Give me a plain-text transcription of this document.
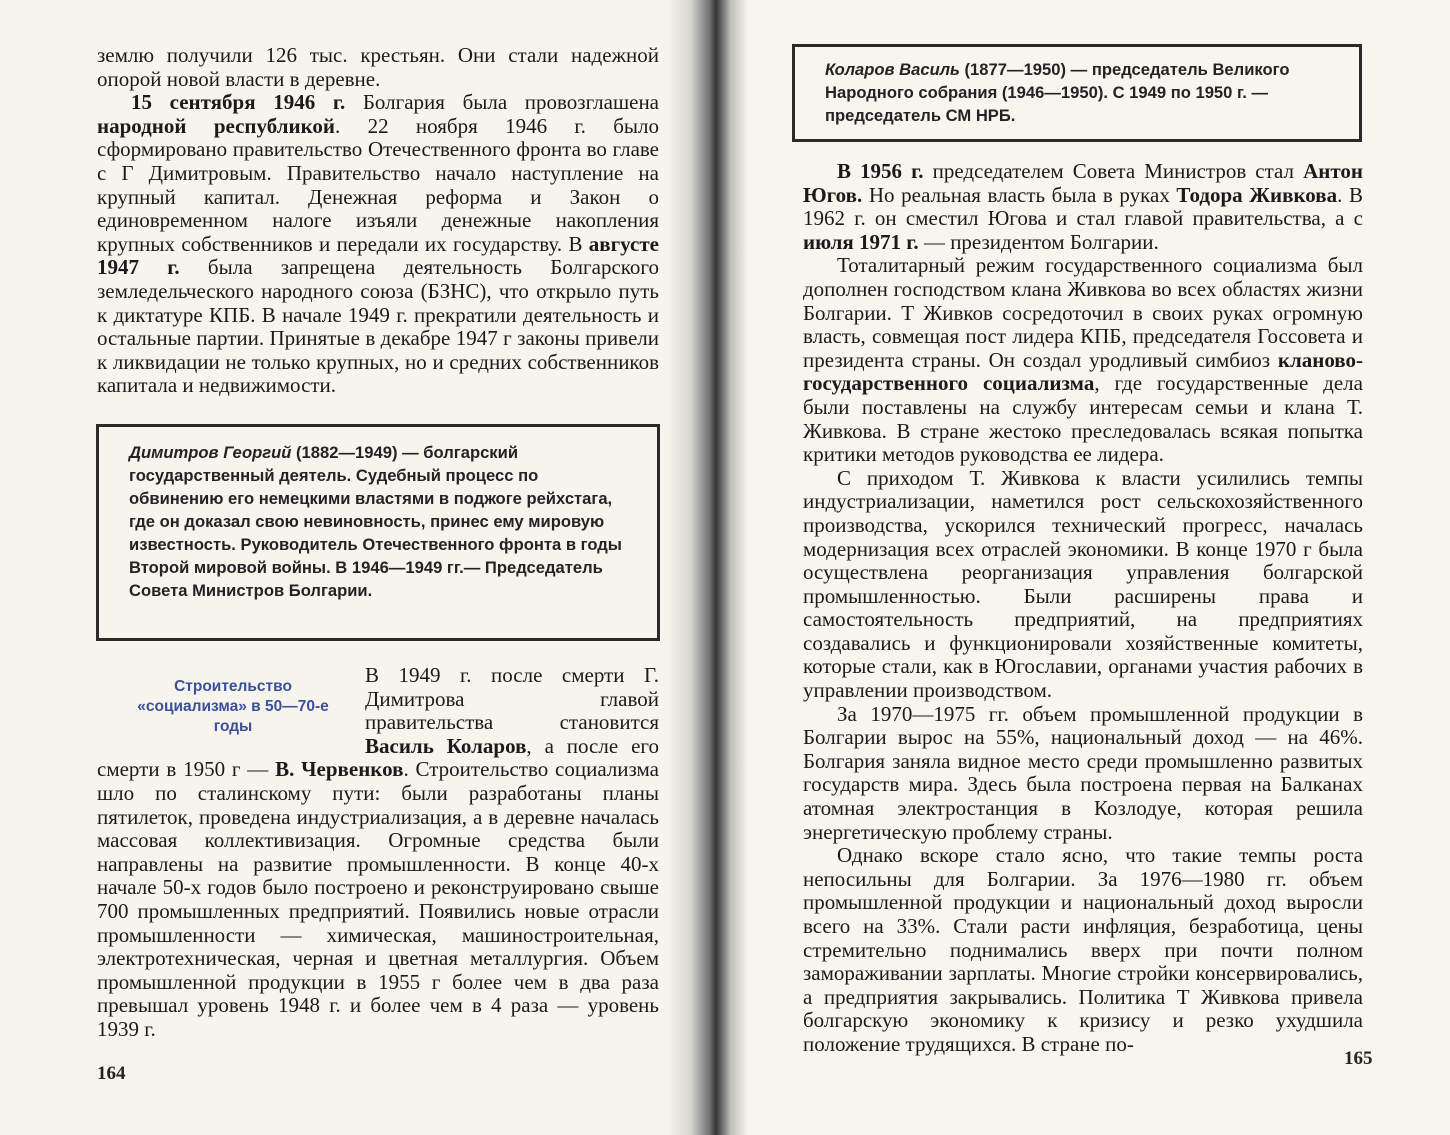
землю получили 126 тыс. крестьян. Они стали надежной опорой новой власти в деревне.

15 сентября 1946 г. Болгария была провозглашена народной республикой. 22 ноября 1946 г. было сформировано правительство Отечественного фронта во главе с Г Димитровым. Правительство начало наступление на крупный капитал. Денежная реформа и Закон о единовременном налоге изъяли денежные накопления крупных собственников и передали их государству. В августе 1947 г. была запрещена деятельность Болгарского земледельческого народного союза (БЗНС), что открыло путь к диктатуре КПБ. В начале 1949 г. прекратили деятельность и остальные партии. Принятые в декабре 1947 г законы привели к ликвидации не только крупных, но и средних собственников капитала и недвижимости.

Димитров Георгий (1882—1949) — болгарский государственный деятель. Судебный процесс по обвинению его немецкими властями в поджоге рейхстага, где он доказал свою невиновность, принес ему мировую известность. Руководитель Отечественного фронта в годы Второй мировой войны. В 1946—1949 гг.— Председатель Совета Министров Болгарии.
Строительство «социализма» в 50—70-е годы

В 1949 г. после смерти Г. Димитрова главой правительства становится Василь Коларов, а после его смерти в 1950 г — В. Червенков. Строительство социализма шло по сталинскому пути: были разработаны планы пятилеток, проведена индустриализация, а в деревне началась массовая коллективизация. Огромные средства были направлены на развитие промышленности. В конце 40-х начале 50-х годов было построено и реконструировано свыше 700 промышленных предприятий. Появились новые отрасли промышленности — химическая, машиностроительная, электротехническая, черная и цветная металлургия. Объем промышленной продукции в 1955 г более чем в два раза превышал уровень 1948 г. и более чем в 4 раза — уровень 1939 г.

164
Коларов Василь (1877—1950) — председатель Великого Народного собрания (1946—1950). С 1949 по 1950 г. — председатель СМ НРБ.

В 1956 г. председателем Совета Министров стал Антон Югов. Но реальная власть была в руках Тодора Живкова. В 1962 г. он сместил Югова и стал главой правительства, а с июля 1971 г. — президентом Болгарии.

Тоталитарный режим государственного социализма был дополнен господством клана Живкова во всех областях жизни Болгарии. Т Живков сосредоточил в своих руках огромную власть, совмещая пост лидера КПБ, председателя Госсовета и президента страны. Он создал уродливый симбиоз кланово-государственного социализма, где государственные дела были поставлены на службу интересам семьи и клана Т. Живкова. В стране жестоко преследовалась всякая попытка критики методов руководства ее лидера.

С приходом Т. Живкова к власти усилились темпы индустриализации, наметился рост сельскохозяйственного производства, ускорился технический прогресс, началась модернизация всех отраслей экономики. В конце 1970 г была осуществлена реорганизация управления болгарской промышленностью. Были расширены права и самостоятельность предприятий, на предприятиях создавались и функционировали хозяйственные комитеты, которые стали, как в Югославии, органами участия рабочих в управлении производством.

За 1970—1975 гг. объем промышленной продукции в Болгарии вырос на 55%, национальный доход — на 46%. Болгария заняла видное место среди промышленно развитых государств мира. Здесь была построена первая на Балканах атомная электростанция в Козлодуе, которая решила энергетическую проблему страны.

Однако вскоре стало ясно, что такие темпы роста непосильны для Болгарии. За 1976—1980 гг. объем промышленной продукции и национальный доход выросли всего на 33%. Стали расти инфляция, безработица, цены стремительно поднимались вверх при почти полном замораживании зарплаты. Многие стройки консервировались, а предприятия закрывались. Политика Т Живкова привела болгарскую экономику к кризису и резко ухудшила положение трудящихся. В стране по-

165
